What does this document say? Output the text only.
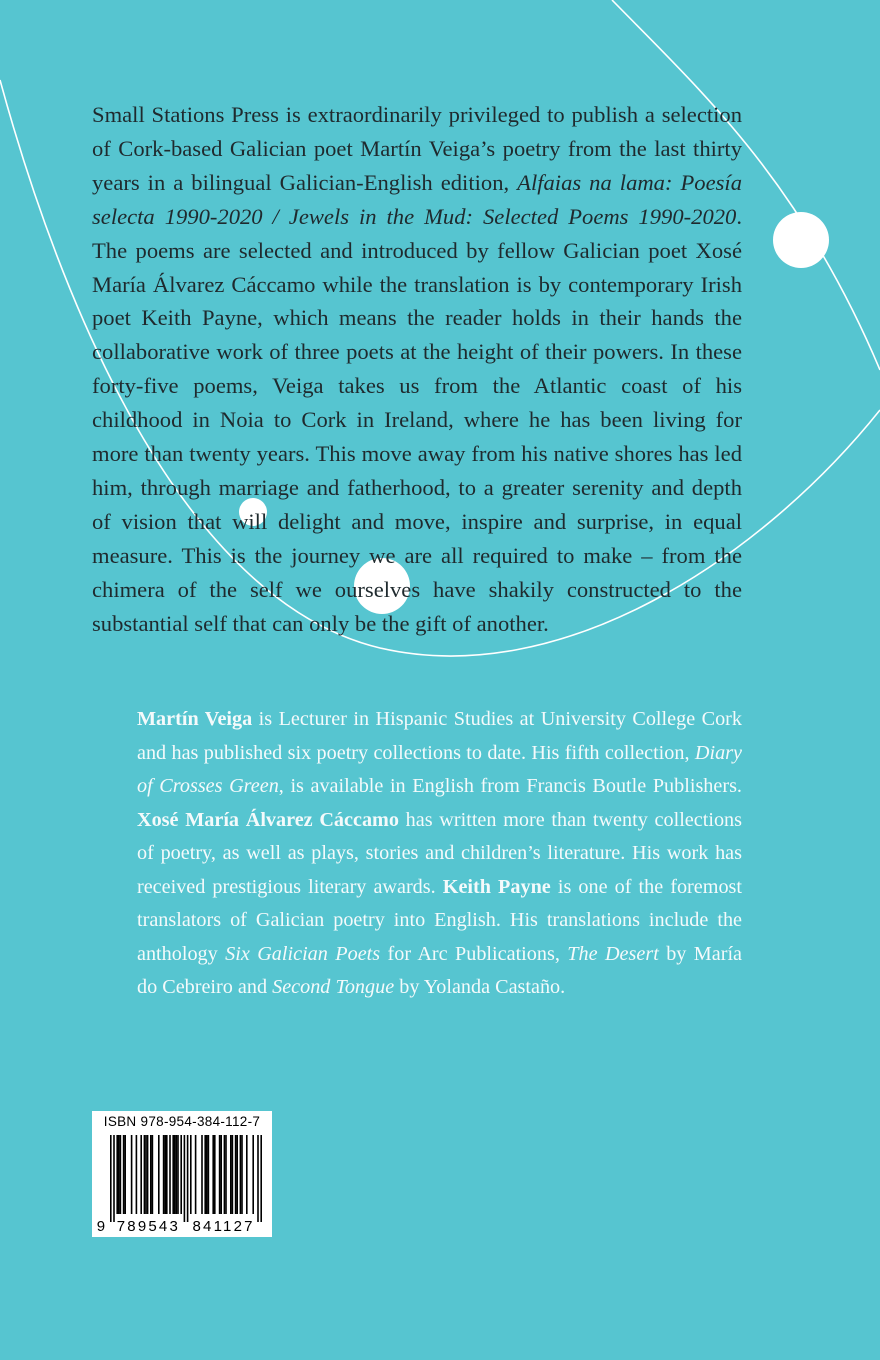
Small Stations Press is extraordinarily privileged to publish a selection of Cork-based Galician poet Martín Veiga’s poetry from the last thirty years in a bilingual Galician-English edition, Alfaias na lama: Poesía selecta 1990-2020 / Jewels in the Mud: Selected Poems 1990-2020. The poems are selected and introduced by fellow Galician poet Xosé María Álvarez Cáccamo while the translation is by contemporary Irish poet Keith Payne, which means the reader holds in their hands the collaborative work of three poets at the height of their powers. In these forty-five poems, Veiga takes us from the Atlantic coast of his childhood in Noia to Cork in Ireland, where he has been living for more than twenty years. This move away from his native shores has led him, through marriage and fatherhood, to a greater serenity and depth of vision that will delight and move, inspire and surprise, in equal measure. This is the journey we are all required to make – from the chimera of the self we ourselves have shakily constructed to the substantial self that can only be the gift of another.

Martín Veiga is Lecturer in Hispanic Studies at University College Cork and has published six poetry collections to date. His fifth collection, Diary of Crosses Green, is available in English from Francis Boutle Publishers. Xosé María Álvarez Cáccamo has written more than twenty collections of poetry, as well as plays, stories and children’s literature. His work has received prestigious literary awards. Keith Payne is one of the foremost translators of Galician poetry into English. His translations include the anthology Six Galician Poets for Arc Publications, The Desert by María do Cebreiro and Second Tongue by Yolanda Castaño.

9 789543 841127
ISBN 978-954-384-112-7
